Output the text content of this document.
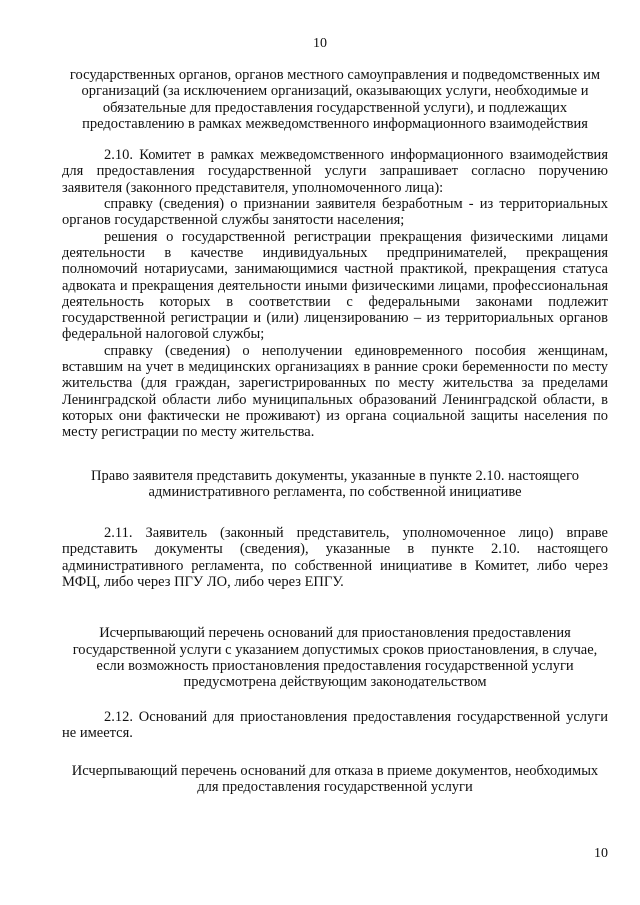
10

государственных органов, органов местного самоуправления и подведомственных им организаций (за исключением организаций, оказывающих услуги, необходимые и обязательные для предоставления государственной услуги), и подлежащих предоставлению в рамках межведомственного информационного взаимодействия

2.10. Комитет в рамках межведомственного информационного взаимодействия для предоставления государственной услуги запрашивает согласно поручению заявителя (законного представителя, уполномоченного лица):

справку (сведения) о признании заявителя безработным - из территориальных органов государственной службы занятости населения;

решения о государственной регистрации прекращения физическими лицами деятельности в качестве индивидуальных предпринимателей, прекращения полномочий нотариусами, занимающимися частной практикой, прекращения статуса адвоката и прекращения деятельности иными физическими лицами, профессиональная деятельность которых в соответствии с федеральными законами подлежит государственной регистрации и (или) лицензированию – из территориальных органов федеральной налоговой службы;

справку (сведения) о неполучении единовременного пособия женщинам, вставшим на учет в медицинских организациях в ранние сроки беременности по месту жительства (для граждан, зарегистрированных по месту жительства за пределами Ленинградской области либо муниципальных образований Ленинградской области, в которых они фактически не проживают) из органа социальной защиты населения по месту регистрации по месту жительства.

Право заявителя представить документы, указанные в пункте 2.10. настоящего административного регламента, по собственной инициативе

2.11. Заявитель (законный представитель, уполномоченное лицо) вправе представить документы (сведения), указанные в пункте 2.10. настоящего административного регламента, по собственной инициативе в Комитет, либо через МФЦ, либо через ПГУ ЛО, либо через ЕПГУ.

Исчерпывающий перечень оснований для приостановления предоставления государственной услуги с указанием допустимых сроков приостановления, в случае, если возможность приостановления предоставления государственной услуги предусмотрена действующим законодательством

2.12. Оснований для приостановления предоставления государственной услуги не имеется.

Исчерпывающий перечень оснований для отказа в приеме документов, необходимых для предоставления государственной услуги

10
